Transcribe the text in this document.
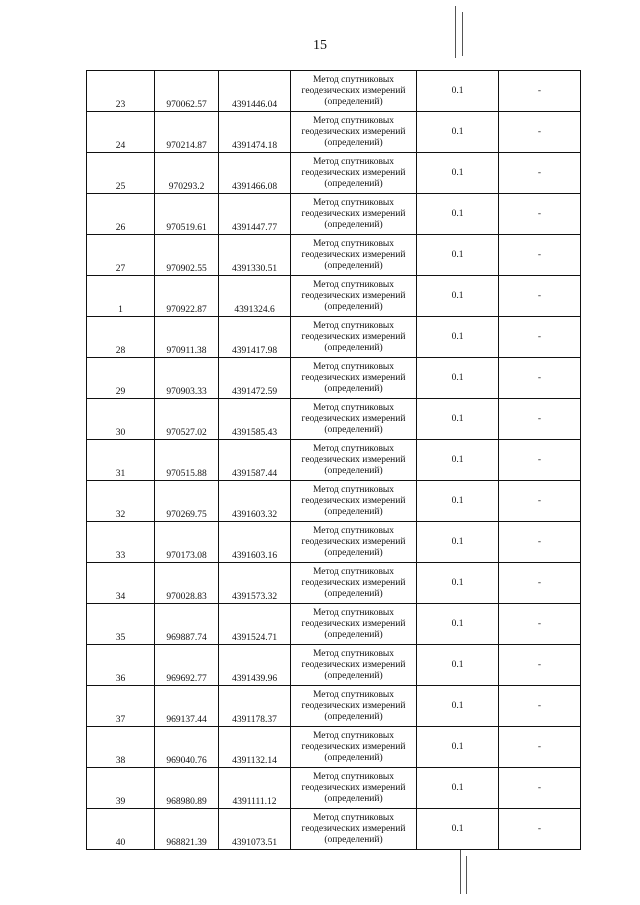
15
23	970062.57	4391446.04	Метод спутниковых геодезических измерений (определений)	0.1	-
24	970214.87	4391474.18	Метод спутниковых геодезических измерений (определений)	0.1	-
25	970293.2	4391466.08	Метод спутниковых геодезических измерений (определений)	0.1	-
26	970519.61	4391447.77	Метод спутниковых геодезических измерений (определений)	0.1	-
27	970902.55	4391330.51	Метод спутниковых геодезических измерений (определений)	0.1	-
1	970922.87	4391324.6	Метод спутниковых геодезических измерений (определений)	0.1	-
28	970911.38	4391417.98	Метод спутниковых геодезических измерений (определений)	0.1	-
29	970903.33	4391472.59	Метод спутниковых геодезических измерений (определений)	0.1	-
30	970527.02	4391585.43	Метод спутниковых геодезических измерений (определений)	0.1	-
31	970515.88	4391587.44	Метод спутниковых геодезических измерений (определений)	0.1	-
32	970269.75	4391603.32	Метод спутниковых геодезических измерений (определений)	0.1	-
33	970173.08	4391603.16	Метод спутниковых геодезических измерений (определений)	0.1	-
34	970028.83	4391573.32	Метод спутниковых геодезических измерений (определений)	0.1	-
35	969887.74	4391524.71	Метод спутниковых геодезических измерений (определений)	0.1	-
36	969692.77	4391439.96	Метод спутниковых геодезических измерений (определений)	0.1	-
37	969137.44	4391178.37	Метод спутниковых геодезических измерений (определений)	0.1	-
38	969040.76	4391132.14	Метод спутниковых геодезических измерений (определений)	0.1	-
39	968980.89	4391111.12	Метод спутниковых геодезических измерений (определений)	0.1	-
40	968821.39	4391073.51	Метод спутниковых геодезических измерений (определений)	0.1	-
